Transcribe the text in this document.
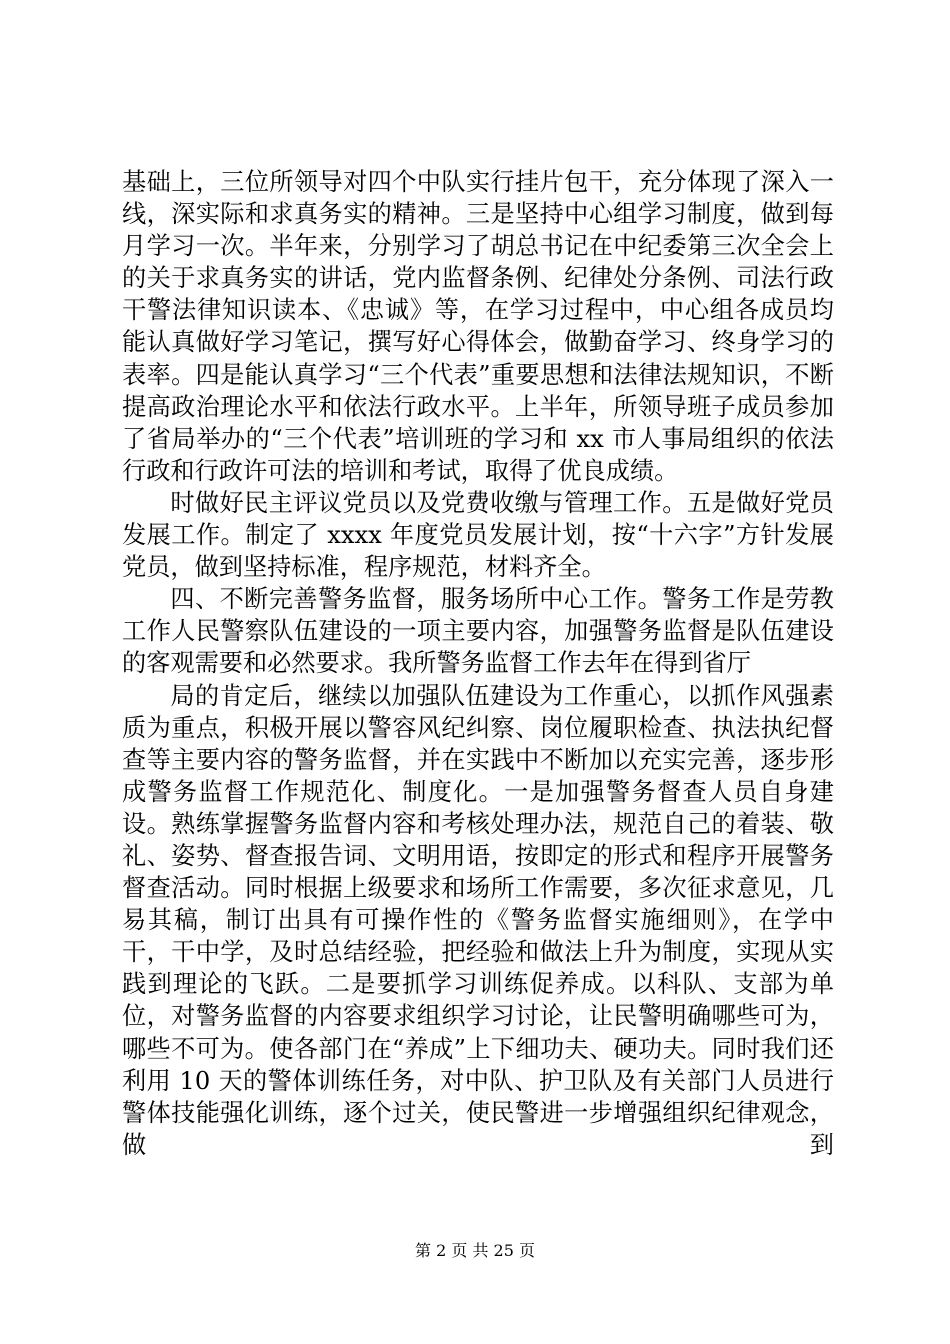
基础上，三位所领导对四个中队实行挂片包干，充分体现了深入一线，深实际和求真务实的精神。三是坚持中心组学习制度，做到每月学习一次。半年来，分别学习了胡总书记在中纪委第三次全会上的关于求真务实的讲话，党内监督条例、纪律处分条例、司法行政干警法律知识读本、《忠诚》等，在学习过程中，中心组各成员均能认真做好学习笔记，撰写好心得体会，做勤奋学习、终身学习的表率。四是能认真学习“三个代表”重要思想和法律法规知识，不断提高政治理论水平和依法行政水平。上半年，所领导班子成员参加了省局举办的“三个代表”培训班的学习和 xx 市人事局组织的依法行政和行政许可法的培训和考试，取得了优良成绩。

时做好民主评议党员以及党费收缴与管理工作。五是做好党员发展工作。制定了 xxxx 年度党员发展计划，按“十六字”方针发展党员，做到坚持标准，程序规范，材料齐全。

四、不断完善警务监督，服务场所中心工作。警务工作是劳教工作人民警察队伍建设的一项主要内容，加强警务监督是队伍建设的客观需要和必然要求。我所警务监督工作去年在得到省厅

局的肯定后，继续以加强队伍建设为工作重心，以抓作风强素质为重点，积极开展以警容风纪纠察、岗位履职检查、执法执纪督查等主要内容的警务监督，并在实践中不断加以充实完善，逐步形成警务监督工作规范化、制度化。一是加强警务督查人员自身建设。熟练掌握警务监督内容和考核处理办法，规范自己的着装、敬礼、姿势、督查报告词、文明用语，按即定的形式和程序开展警务督查活动。同时根据上级要求和场所工作需要，多次征求意见，几易其稿，制订出具有可操作性的《警务监督实施细则》，在学中干，干中学，及时总结经验，把经验和做法上升为制度，实现从实践到理论的飞跃。二是要抓学习训练促养成。以科队、支部为单位，对警务监督的内容要求组织学习讨论，让民警明确哪些可为，哪些不可为。使各部门在“养成”上下细功夫、硬功夫。同时我们还利用 10 天的警体训练任务，对中队、护卫队及有关部门人员进行警体技能强化训练，逐个过关，使民警进一步增强组织纪律观念，做到

第 2 页 共 25 页
